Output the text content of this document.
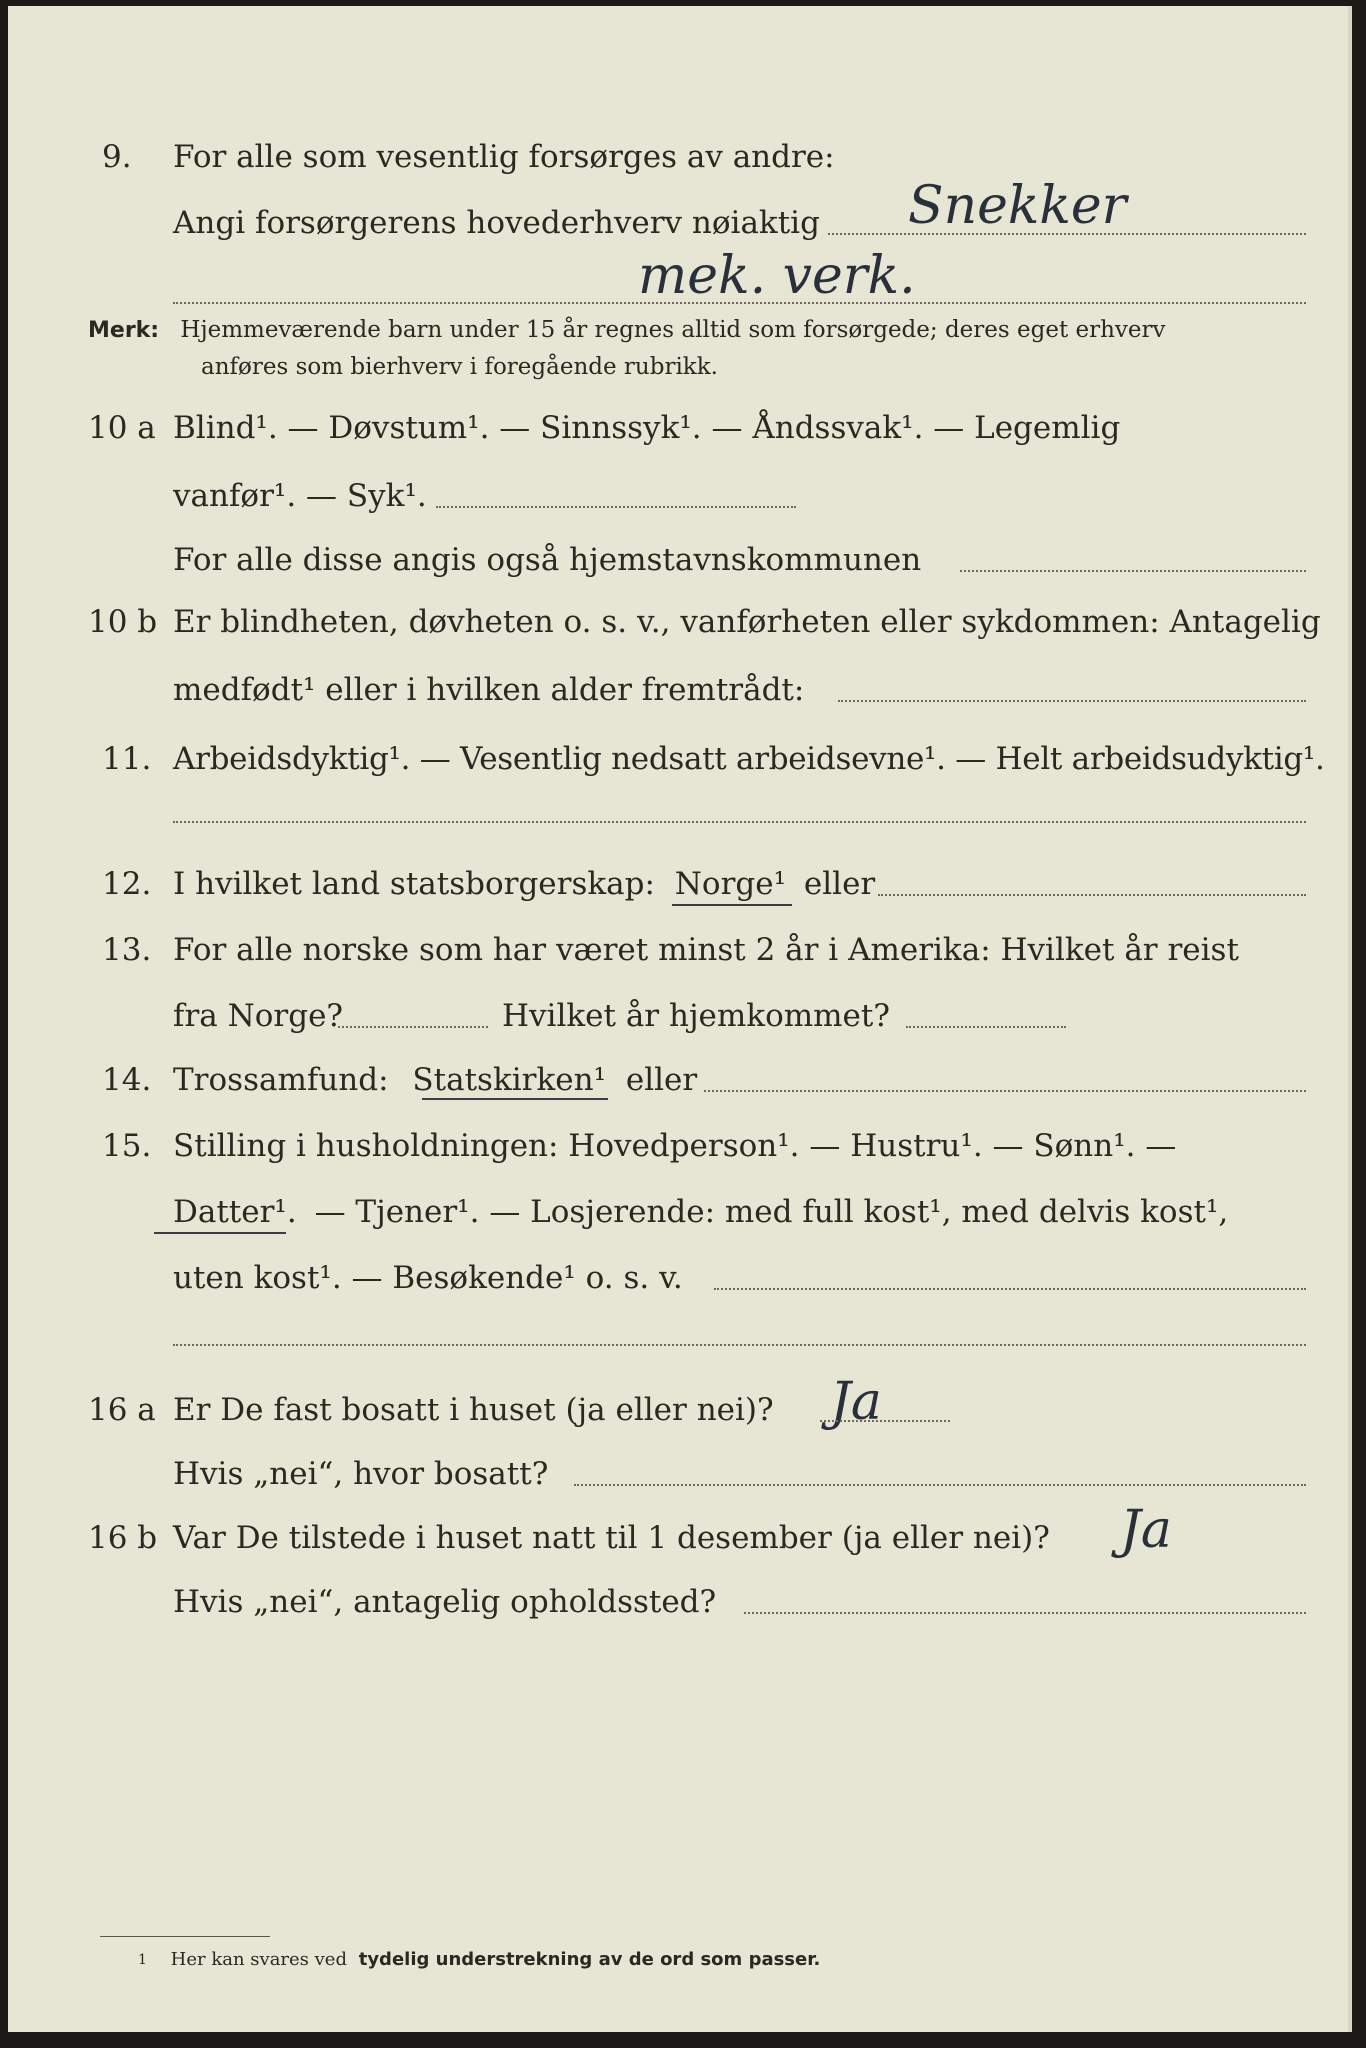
9. For alle som vesentlig forsørges av andre:
Angi forsørgerens hovederhverv nøiaktig Snekker
mek. verk.
Merk: Hjemmeværende barn under 15 år regnes alltid som forsørgede; deres eget erhverv
anføres som bierhverv i foregående rubrikk.
10 a Blind¹. — Døvstum¹. — Sinnssyk¹. — Åndssvak¹. — Legemlig
vanfør¹. — Syk¹.
For alle disse angis også hjemstavnskommunen
10 b Er blindheten, døvheten o. s. v., vanførheten eller sykdommen: Antagelig
medfødt¹ eller i hvilken alder fremtrådt:
11. Arbeidsdyktig¹. — Vesentlig nedsatt arbeidsevne¹. — Helt arbeidsudyktig¹.
12. I hvilket land statsborgerskap: Norge¹ eller
13. For alle norske som har været minst 2 år i Amerika: Hvilket år reist
fra Norge?	Hvilket år hjemkommet?
14. Trossamfund: Statskirken¹ eller
15. Stilling i husholdningen: Hovedperson¹. — Hustru¹. — Sønn¹. —
Datter¹. — Tjener¹. — Losjerende: med full kost¹, med delvis kost¹,
uten kost¹. — Besøkende¹ o. s. v.
16 a Er De fast bosatt i huset (ja eller nei)? Ja
Hvis „nei“, hvor bosatt?
16 b Var De tilstede i huset natt til 1 desember (ja eller nei)? Ja
Hvis „nei“, antagelig opholdssted?
$^1$ Her kan svares ved tydelig understrekning av de ord som passer.
